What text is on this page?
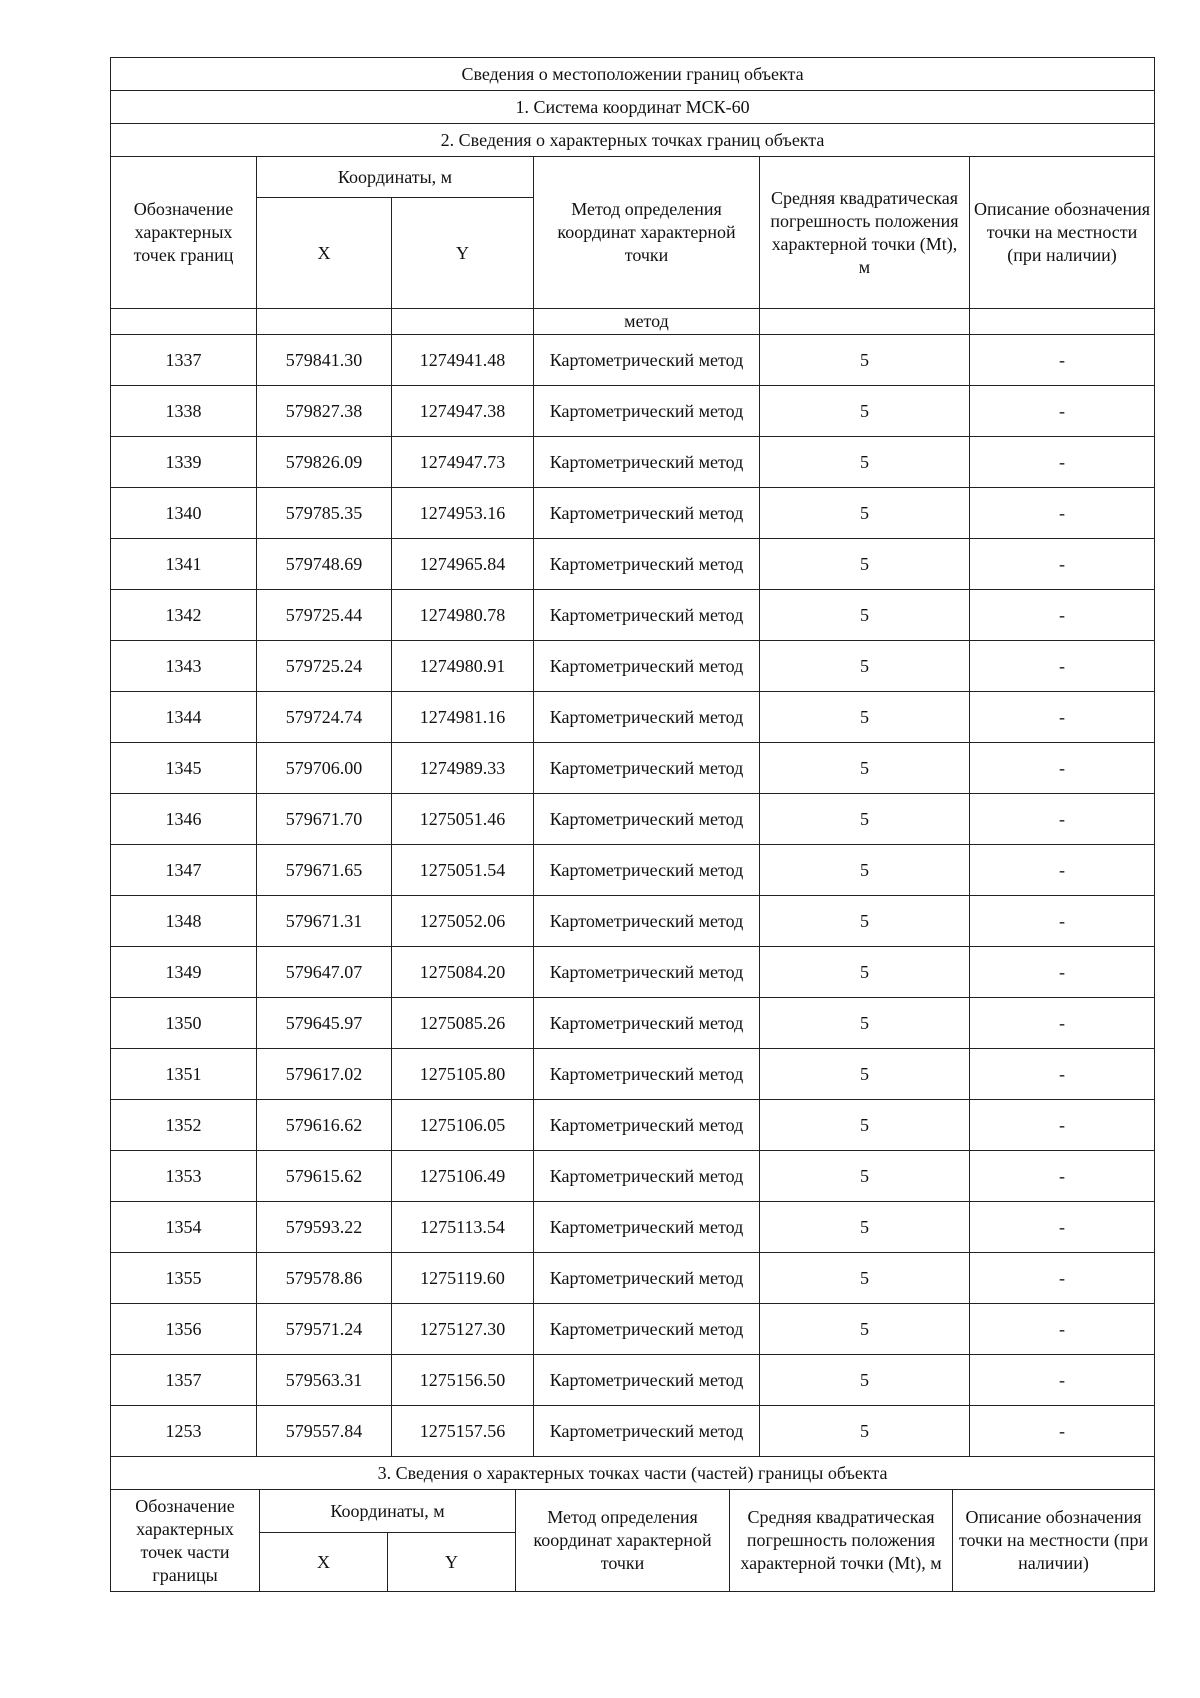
Сведения о местоположении границ объекта					
1. Система координат МСК-60					
2. Сведения о характерных точках границ объекта					
Обозначение характерных точек границ	Координаты, м		Метод определения координат характерной точки	Средняя квадратическая погрешность положения характерной точки (Mt), м	Описание обозначения точки на местности (при наличии)
	X	Y			
			метод		
1337	579841.30	1274941.48	Картометрический метод	5	-
1338	579827.38	1274947.38	Картометрический метод	5	-
1339	579826.09	1274947.73	Картометрический метод	5	-
1340	579785.35	1274953.16	Картометрический метод	5	-
1341	579748.69	1274965.84	Картометрический метод	5	-
1342	579725.44	1274980.78	Картометрический метод	5	-
1343	579725.24	1274980.91	Картометрический метод	5	-
1344	579724.74	1274981.16	Картометрический метод	5	-
1345	579706.00	1274989.33	Картометрический метод	5	-
1346	579671.70	1275051.46	Картометрический метод	5	-
1347	579671.65	1275051.54	Картометрический метод	5	-
1348	579671.31	1275052.06	Картометрический метод	5	-
1349	579647.07	1275084.20	Картометрический метод	5	-
1350	579645.97	1275085.26	Картометрический метод	5	-
1351	579617.02	1275105.80	Картометрический метод	5	-
1352	579616.62	1275106.05	Картометрический метод	5	-
1353	579615.62	1275106.49	Картометрический метод	5	-
1354	579593.22	1275113.54	Картометрический метод	5	-
1355	579578.86	1275119.60	Картометрический метод	5	-
1356	579571.24	1275127.30	Картометрический метод	5	-
1357	579563.31	1275156.50	Картометрический метод	5	-
1253	579557.84	1275157.56	Картометрический метод	5	-
3. Сведения о характерных точках части (частей) границы объекта					
Обозначение характерных точек части границы	Координаты, м		Метод определения координат характерной точки	Средняя квадратическая погрешность положения характерной точки (Mt), м	Описание обозначения точки на местности (при наличии)
	X	Y			
